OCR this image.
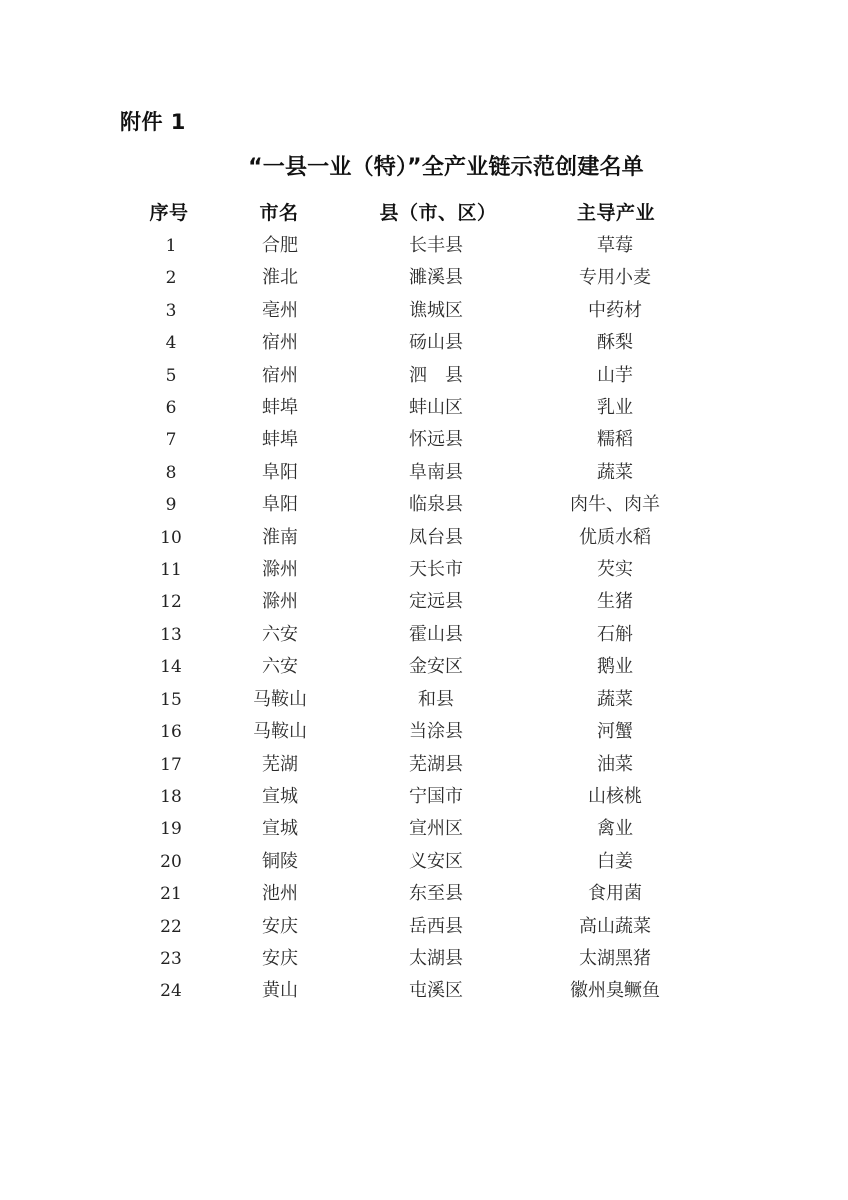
附件 1
“一县一业（特）”全产业链示范创建名单
序号	市名	县（市、区）	主导产业
1	合肥	长丰县	草莓
2	淮北	濉溪县	专用小麦
3	亳州	谯城区	中药材
4	宿州	砀山县	酥梨
5	宿州	泗　县	山芋
6	蚌埠	蚌山区	乳业
7	蚌埠	怀远县	糯稻
8	阜阳	阜南县	蔬菜
9	阜阳	临泉县	肉牛、肉羊
10	淮南	凤台县	优质水稻
11	滁州	天长市	芡实
12	滁州	定远县	生猪
13	六安	霍山县	石斛
14	六安	金安区	鹅业
15	马鞍山	和县	蔬菜
16	马鞍山	当涂县	河蟹
17	芜湖	芜湖县	油菜
18	宣城	宁国市	山核桃
19	宣城	宣州区	禽业
20	铜陵	义安区	白姜
21	池州	东至县	食用菌
22	安庆	岳西县	高山蔬菜
23	安庆	太湖县	太湖黑猪
24	黄山	屯溪区	徽州臭鳜鱼
